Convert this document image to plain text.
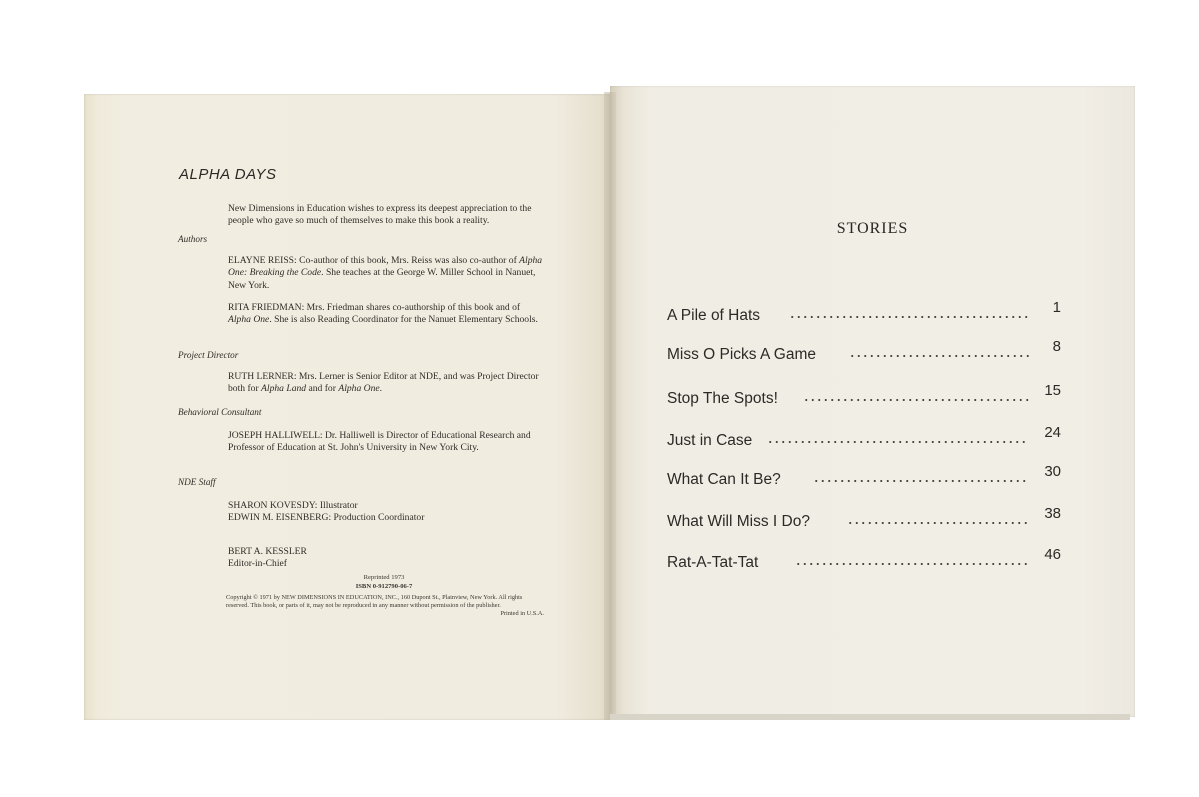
ALPHA DAYS

New Dimensions in Education wishes to express its deepest appreciation to the people who gave so much of themselves to make this book a reality.

Authors

ELAYNE REISS: Co-author of this book, Mrs. Reiss was also co-author of Alpha One: Breaking the Code. She teaches at the George W. Miller School in Nanuet, New York.

RITA FRIEDMAN: Mrs. Friedman shares co-authorship of this book and of Alpha One. She is also Reading Coordinator for the Nanuet Elementary Schools.

Project Director

RUTH LERNER: Mrs. Lerner is Senior Editor at NDE, and was Project Director both for Alpha Land and for Alpha One.

Behavioral Consultant

JOSEPH HALLIWELL: Dr. Halliwell is Director of Educational Research and Professor of Education at St. John's University in New York City.

NDE Staff

SHARON KOVESDY: Illustrator

EDWIN M. EISENBERG: Production Coordinator

BERT A. KESSLER

Editor-in-Chief

Reprinted 1973

ISBN 0-912790-06-7

Copyright © 1971 by NEW DIMENSIONS IN EDUCATION, INC., 160 Dupont St., Plainview, New York. All rights reserved. This book, or parts of it, may not be reproduced in any manner without permission of the publisher.

Printed in U.S.A.

STORIES

A Pile of Hats	1
Miss O Picks A Game	8
Stop The Spots!	15
Just in Case	24
What Can It Be?	30
What Will Miss I Do?	38
Rat-A-Tat-Tat	46
